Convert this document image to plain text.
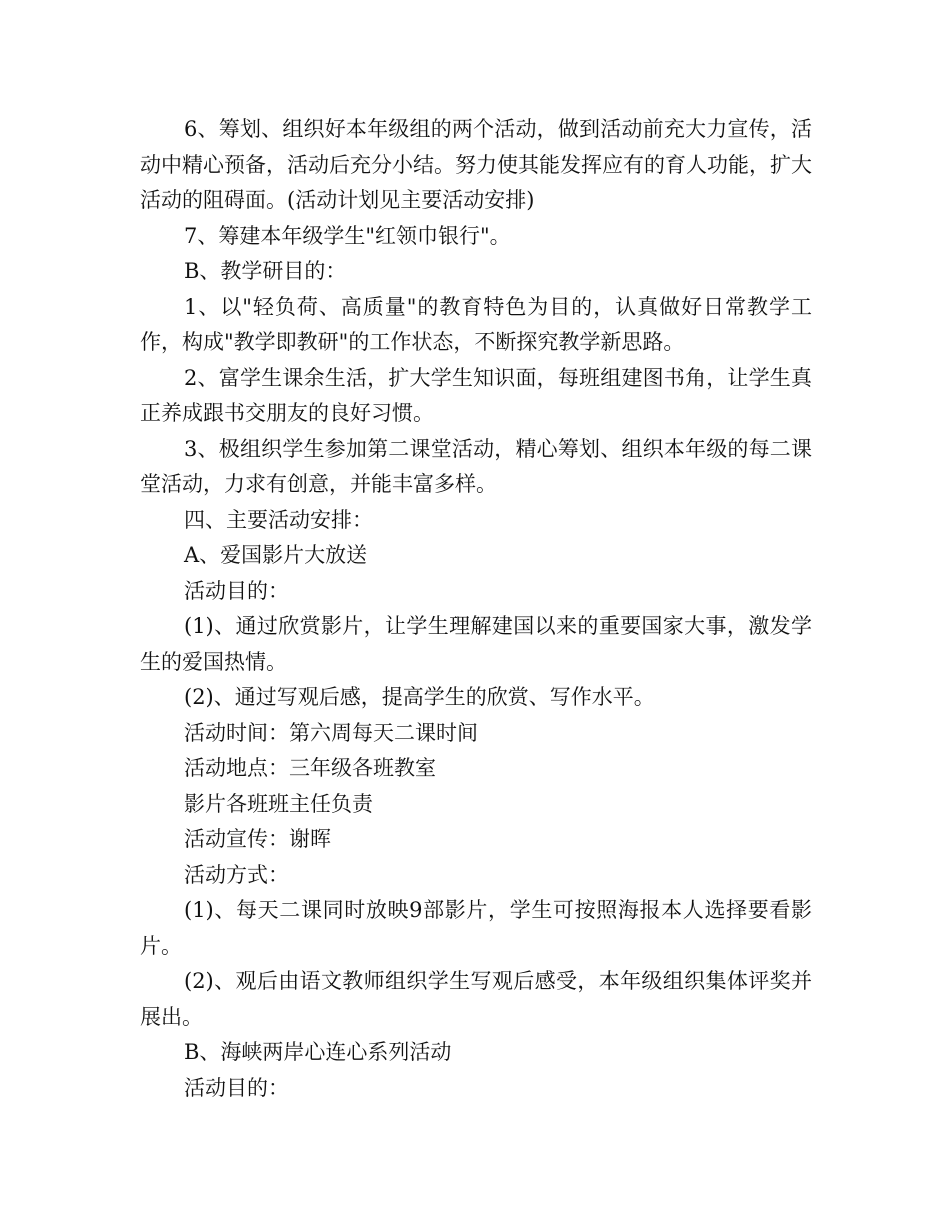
6、筹划、组织好本年级组的两个活动，做到活动前充大力宣传，活动中精心预备，活动后充分小结。努力使其能发挥应有的育人功能，扩大活动的阻碍面。(活动计划见主要活动安排)

7、筹建本年级学生"红领巾银行"。

B、教学研目的：

1、以"轻负荷、高质量"的教育特色为目的，认真做好日常教学工作，构成"教学即教研"的工作状态，不断探究教学新思路。

2、富学生课余生活，扩大学生知识面，每班组建图书角，让学生真正养成跟书交朋友的良好习惯。

3、极组织学生参加第二课堂活动，精心筹划、组织本年级的每二课堂活动，力求有创意，并能丰富多样。

四、主要活动安排：

A、爱国影片大放送

活动目的：

(1)、通过欣赏影片，让学生理解建国以来的重要国家大事，激发学生的爱国热情。

(2)、通过写观后感，提高学生的欣赏、写作水平。

活动时间：第六周每天二课时间

活动地点：三年级各班教室

影片各班班主任负责

活动宣传：谢晖

活动方式：

(1)、每天二课同时放映9部影片，学生可按照海报本人选择要看影片。

(2)、观后由语文教师组织学生写观后感受，本年级组织集体评奖并展出。

B、海峡两岸心连心系列活动

活动目的：
